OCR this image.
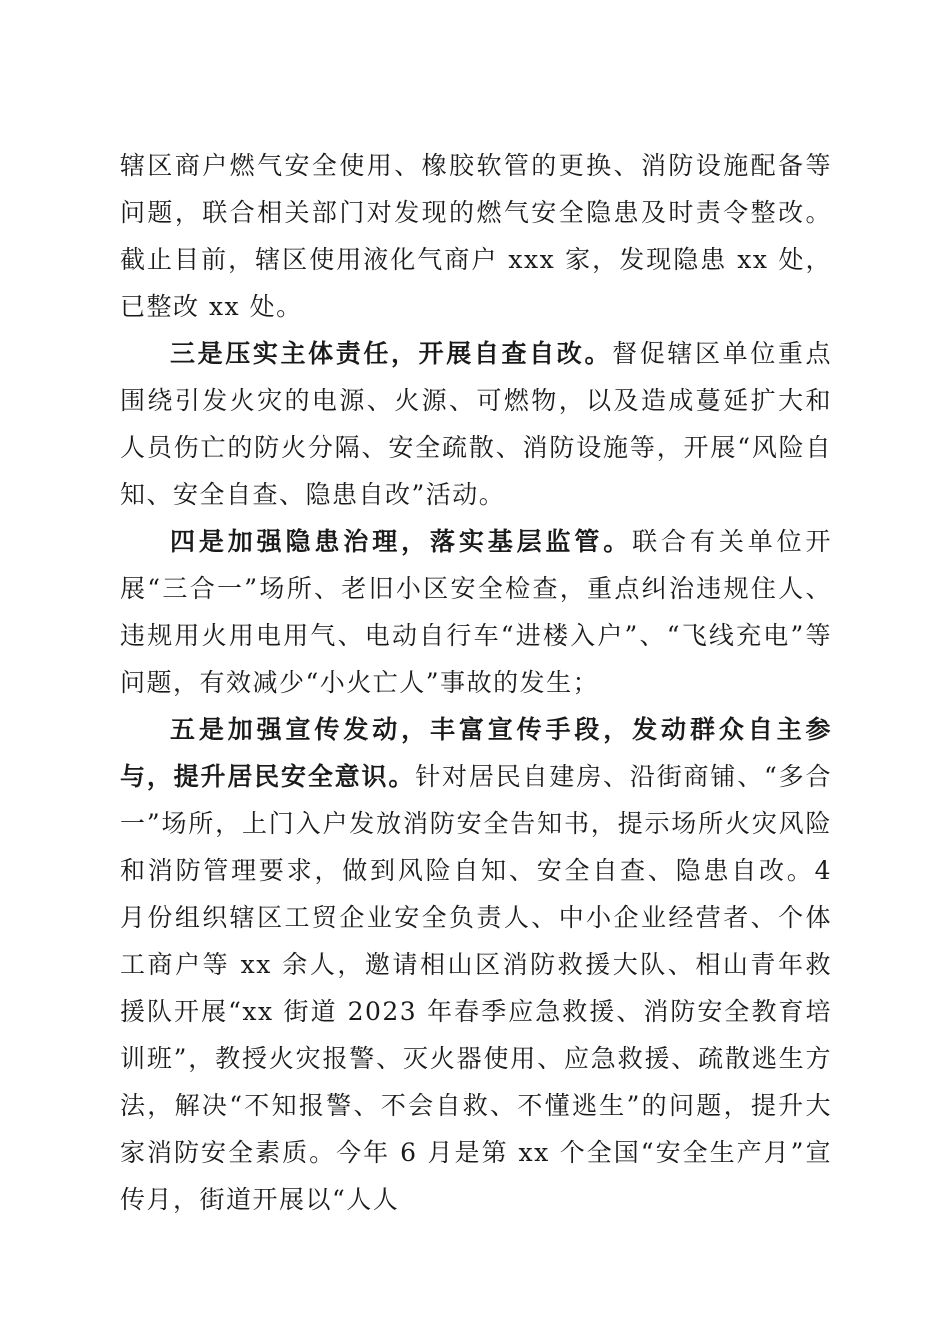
辖区商户燃气安全使用、橡胶软管的更换、消防设施配备等问题，联合相关部门对发现的燃气安全隐患及时责令整改。截止目前，辖区使用液化气商户 xxx 家，发现隐患 xx 处，已整改 xx 处。

三是压实主体责任，开展自查自改。督促辖区单位重点围绕引发火灾的电源、火源、可燃物，以及造成蔓延扩大和人员伤亡的防火分隔、安全疏散、消防设施等，开展“风险自知、安全自查、隐患自改”活动。

四是加强隐患治理，落实基层监管。联合有关单位开展“三合一”场所、老旧小区安全检查，重点纠治违规住人、违规用火用电用气、电动自行车“进楼入户”、“飞线充电”等问题，有效减少“小火亡人”事故的发生；

五是加强宣传发动，丰富宣传手段，发动群众自主参与，提升居民安全意识。针对居民自建房、沿街商铺、“多合一”场所，上门入户发放消防安全告知书，提示场所火灾风险和消防管理要求，做到风险自知、安全自查、隐患自改。4 月份组织辖区工贸企业安全负责人、中小企业经营者、个体工商户等 xx 余人，邀请相山区消防救援大队、相山青年救援队开展“xx 街道 2023 年春季应急救援、消防安全教育培训班”，教授火灾报警、灭火器使用、应急救援、疏散逃生方法，解决“不知报警、不会自救、不懂逃生”的问题，提升大家消防安全素质。今年 6 月是第 xx 个全国“安全生产月”宣传月，街道开展以“人人
